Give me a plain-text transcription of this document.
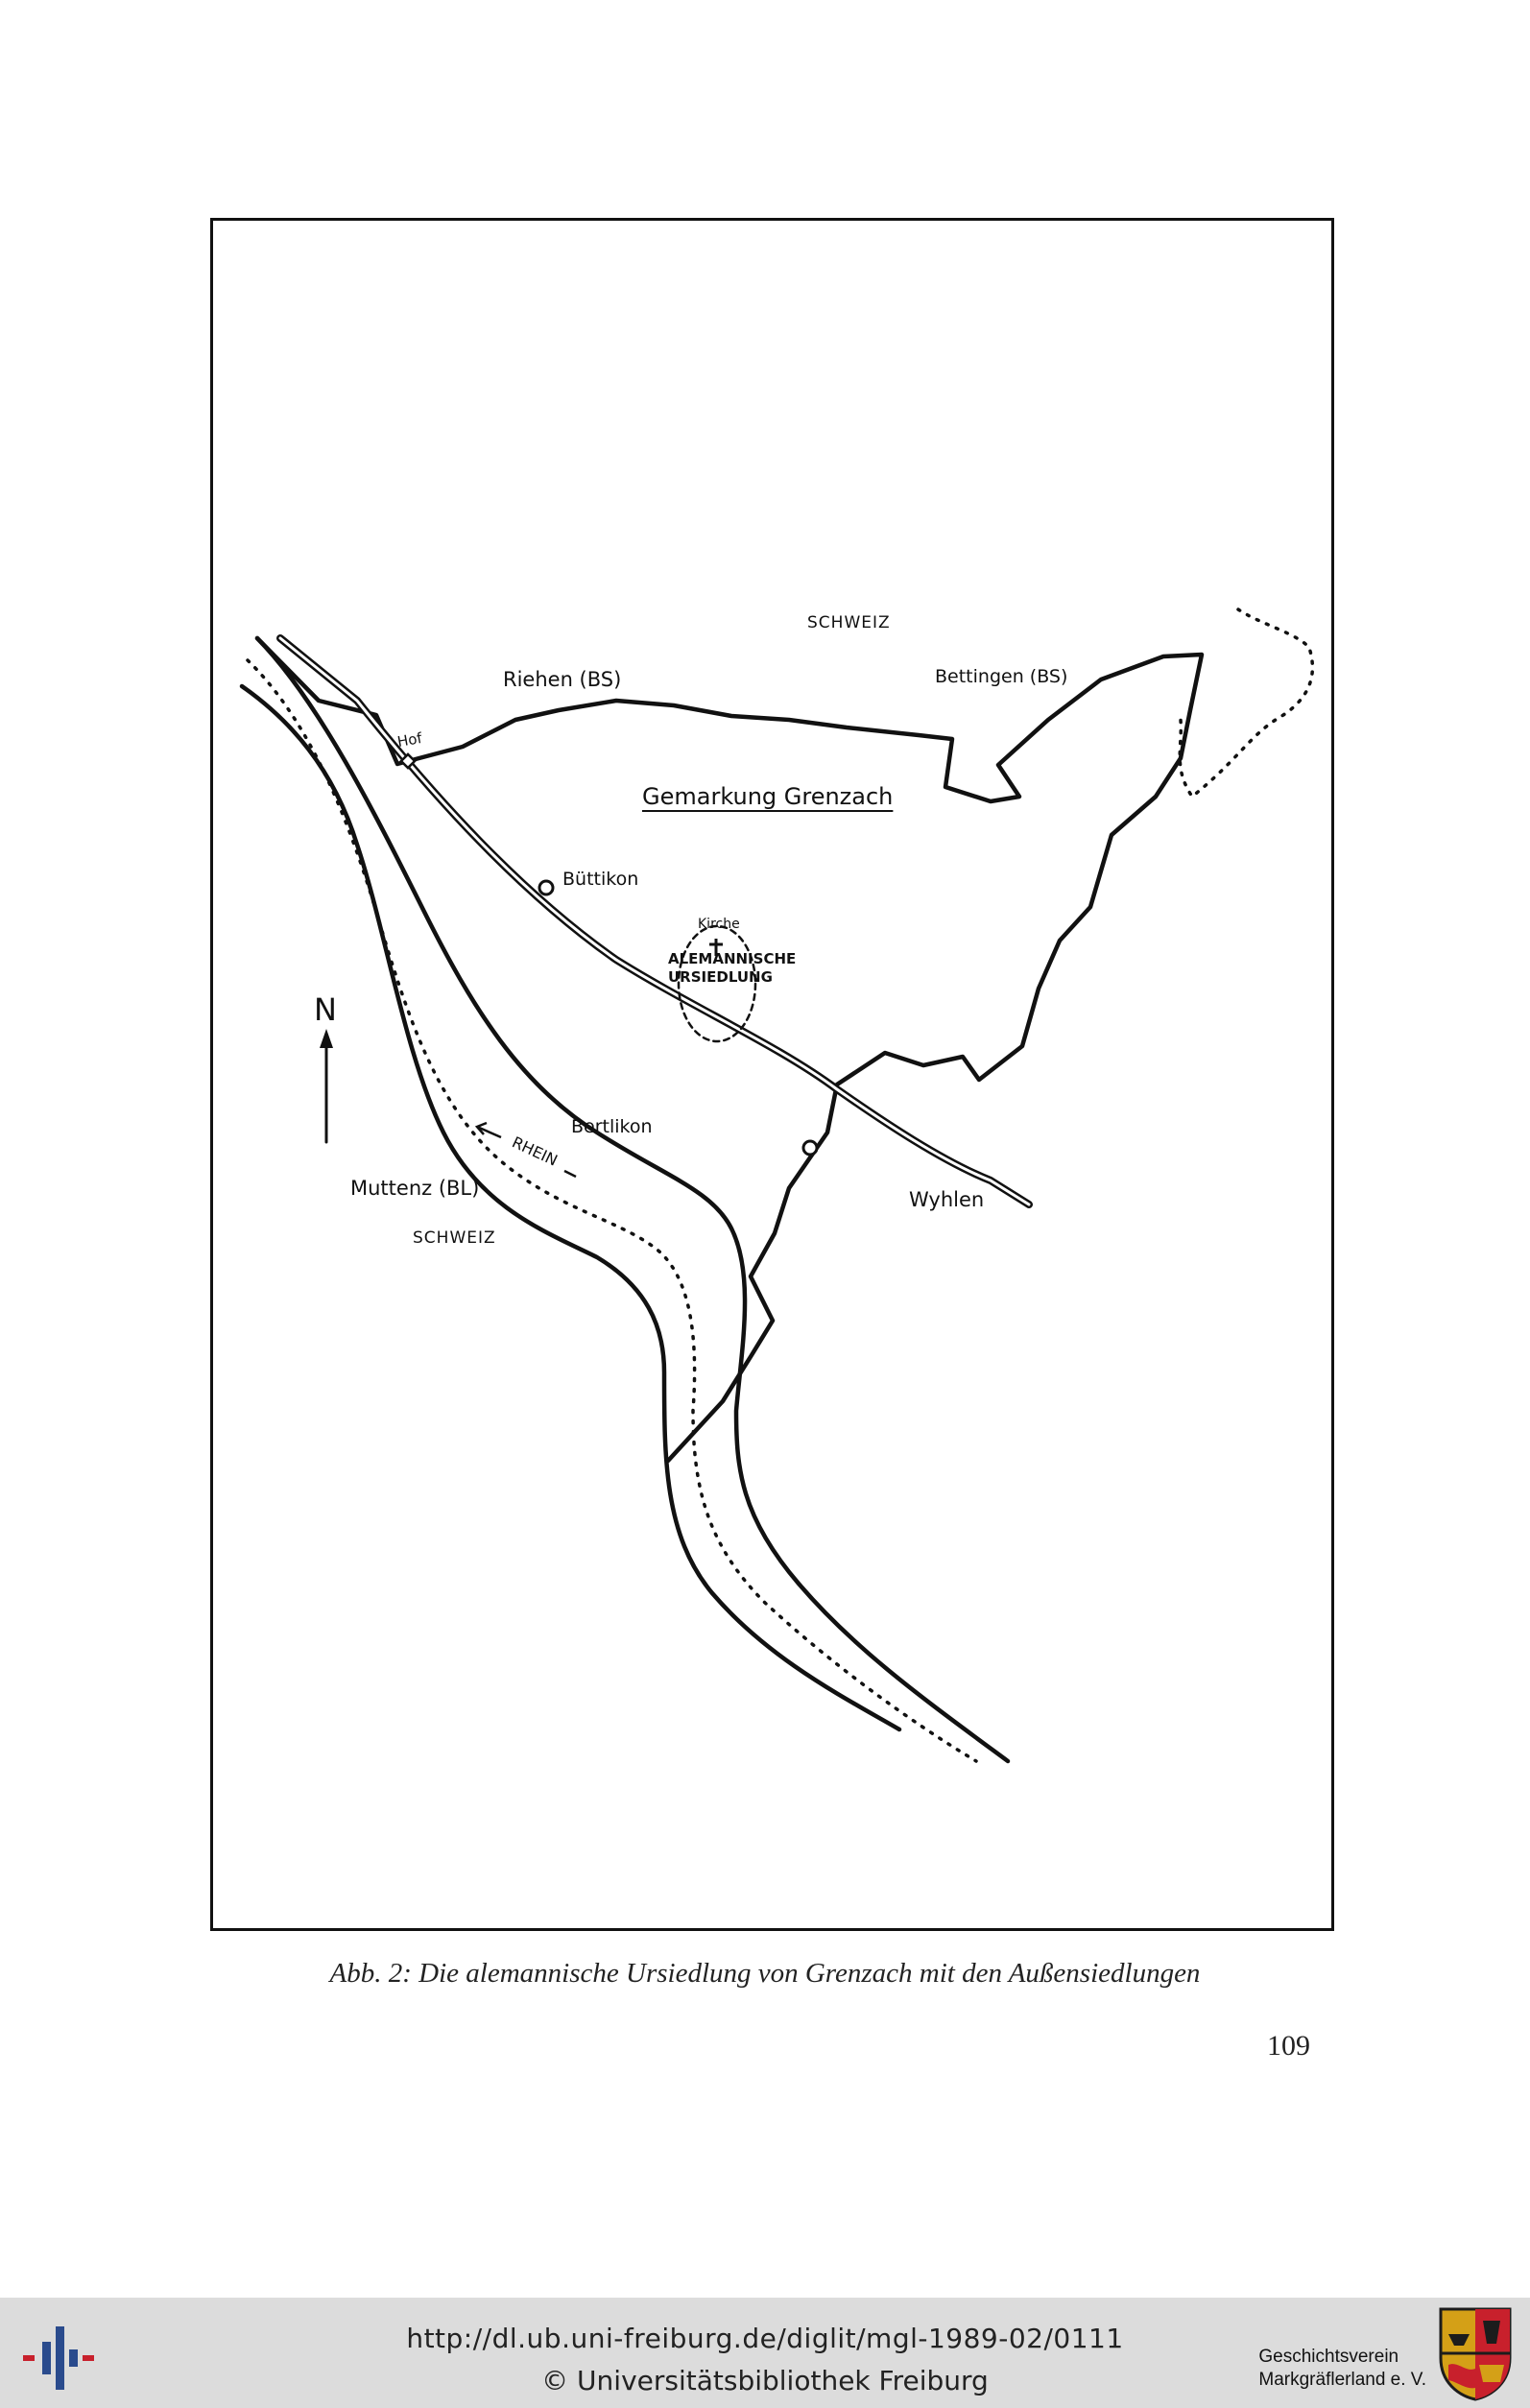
SCHWEIZ
Riehen (BS)	Bettingen (BS)
Hof
Gemarkung Grenzach
Büttikon
Kirche
ALEMANNISCHE
URSIEDLUNG
N
Bertlikon
RHEIN
Muttenz (BL)
SCHWEIZ
Wyhlen
Abb. 2: Die alemannische Ursiedlung von Grenzach mit den Außensiedlungen
109
http://dl.ub.uni-freiburg.de/diglit/mgl-1989-02/0111
© Universitätsbibliothek Freiburg
Geschichtsverein
Markgräflerland e. V.
